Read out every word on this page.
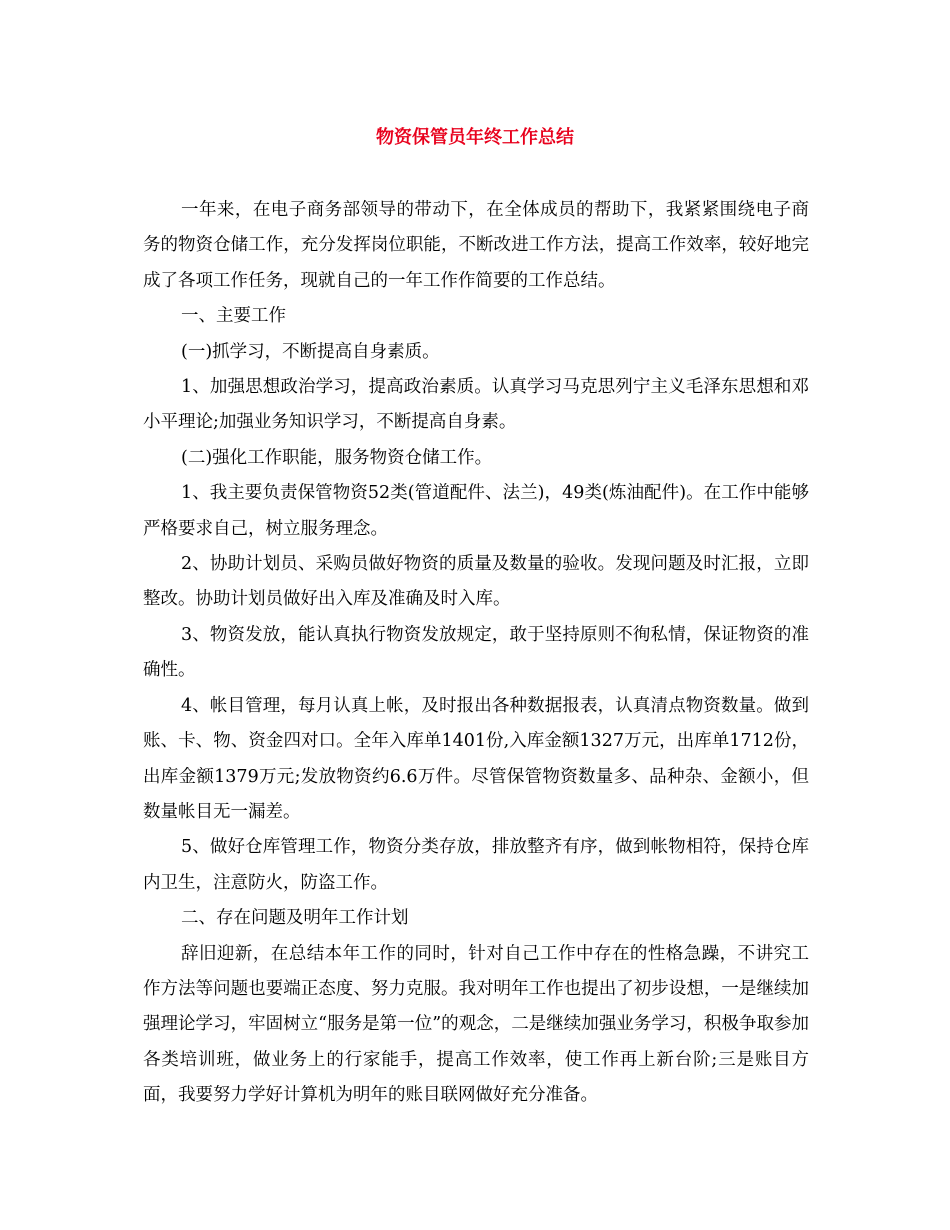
物资保管员年终工作总结

一年来，在电子商务部领导的带动下，在全体成员的帮助下，我紧紧围绕电子商务的物资仓储工作，充分发挥岗位职能，不断改进工作方法，提高工作效率，较好地完成了各项工作任务，现就自己的一年工作作简要的工作总结。

一、主要工作

(一)抓学习，不断提高自身素质。

1、加强思想政治学习，提高政治素质。认真学习马克思列宁主义毛泽东思想和邓小平理论;加强业务知识学习，不断提高自身素。

(二)强化工作职能，服务物资仓储工作。

1、我主要负责保管物资52类(管道配件、法兰)，49类(炼油配件)。在工作中能够严格要求自己，树立服务理念。

2、协助计划员、采购员做好物资的质量及数量的验收。发现问题及时汇报，立即整改。协助计划员做好出入库及准确及时入库。

3、物资发放，能认真执行物资发放规定，敢于坚持原则不徇私情，保证物资的准确性。

4、帐目管理，每月认真上帐，及时报出各种数据报表，认真清点物资数量。做到账、卡、物、资金四对口。全年入库单1401份,入库金额1327万元，出库单1712份，出库金额1379万元;发放物资约6.6万件。尽管保管物资数量多、品种杂、金额小，但数量帐目无一漏差。

5、做好仓库管理工作，物资分类存放，排放整齐有序，做到帐物相符，保持仓库内卫生，注意防火，防盗工作。

二、存在问题及明年工作计划

辞旧迎新，在总结本年工作的同时，针对自己工作中存在的性格急躁，不讲究工作方法等问题也要端正态度、努力克服。我对明年工作也提出了初步设想，一是继续加强理论学习，牢固树立“服务是第一位”的观念，二是继续加强业务学习，积极争取参加各类培训班，做业务上的行家能手，提高工作效率，使工作再上新台阶;三是账目方面，我要努力学好计算机为明年的账目联网做好充分准备。
